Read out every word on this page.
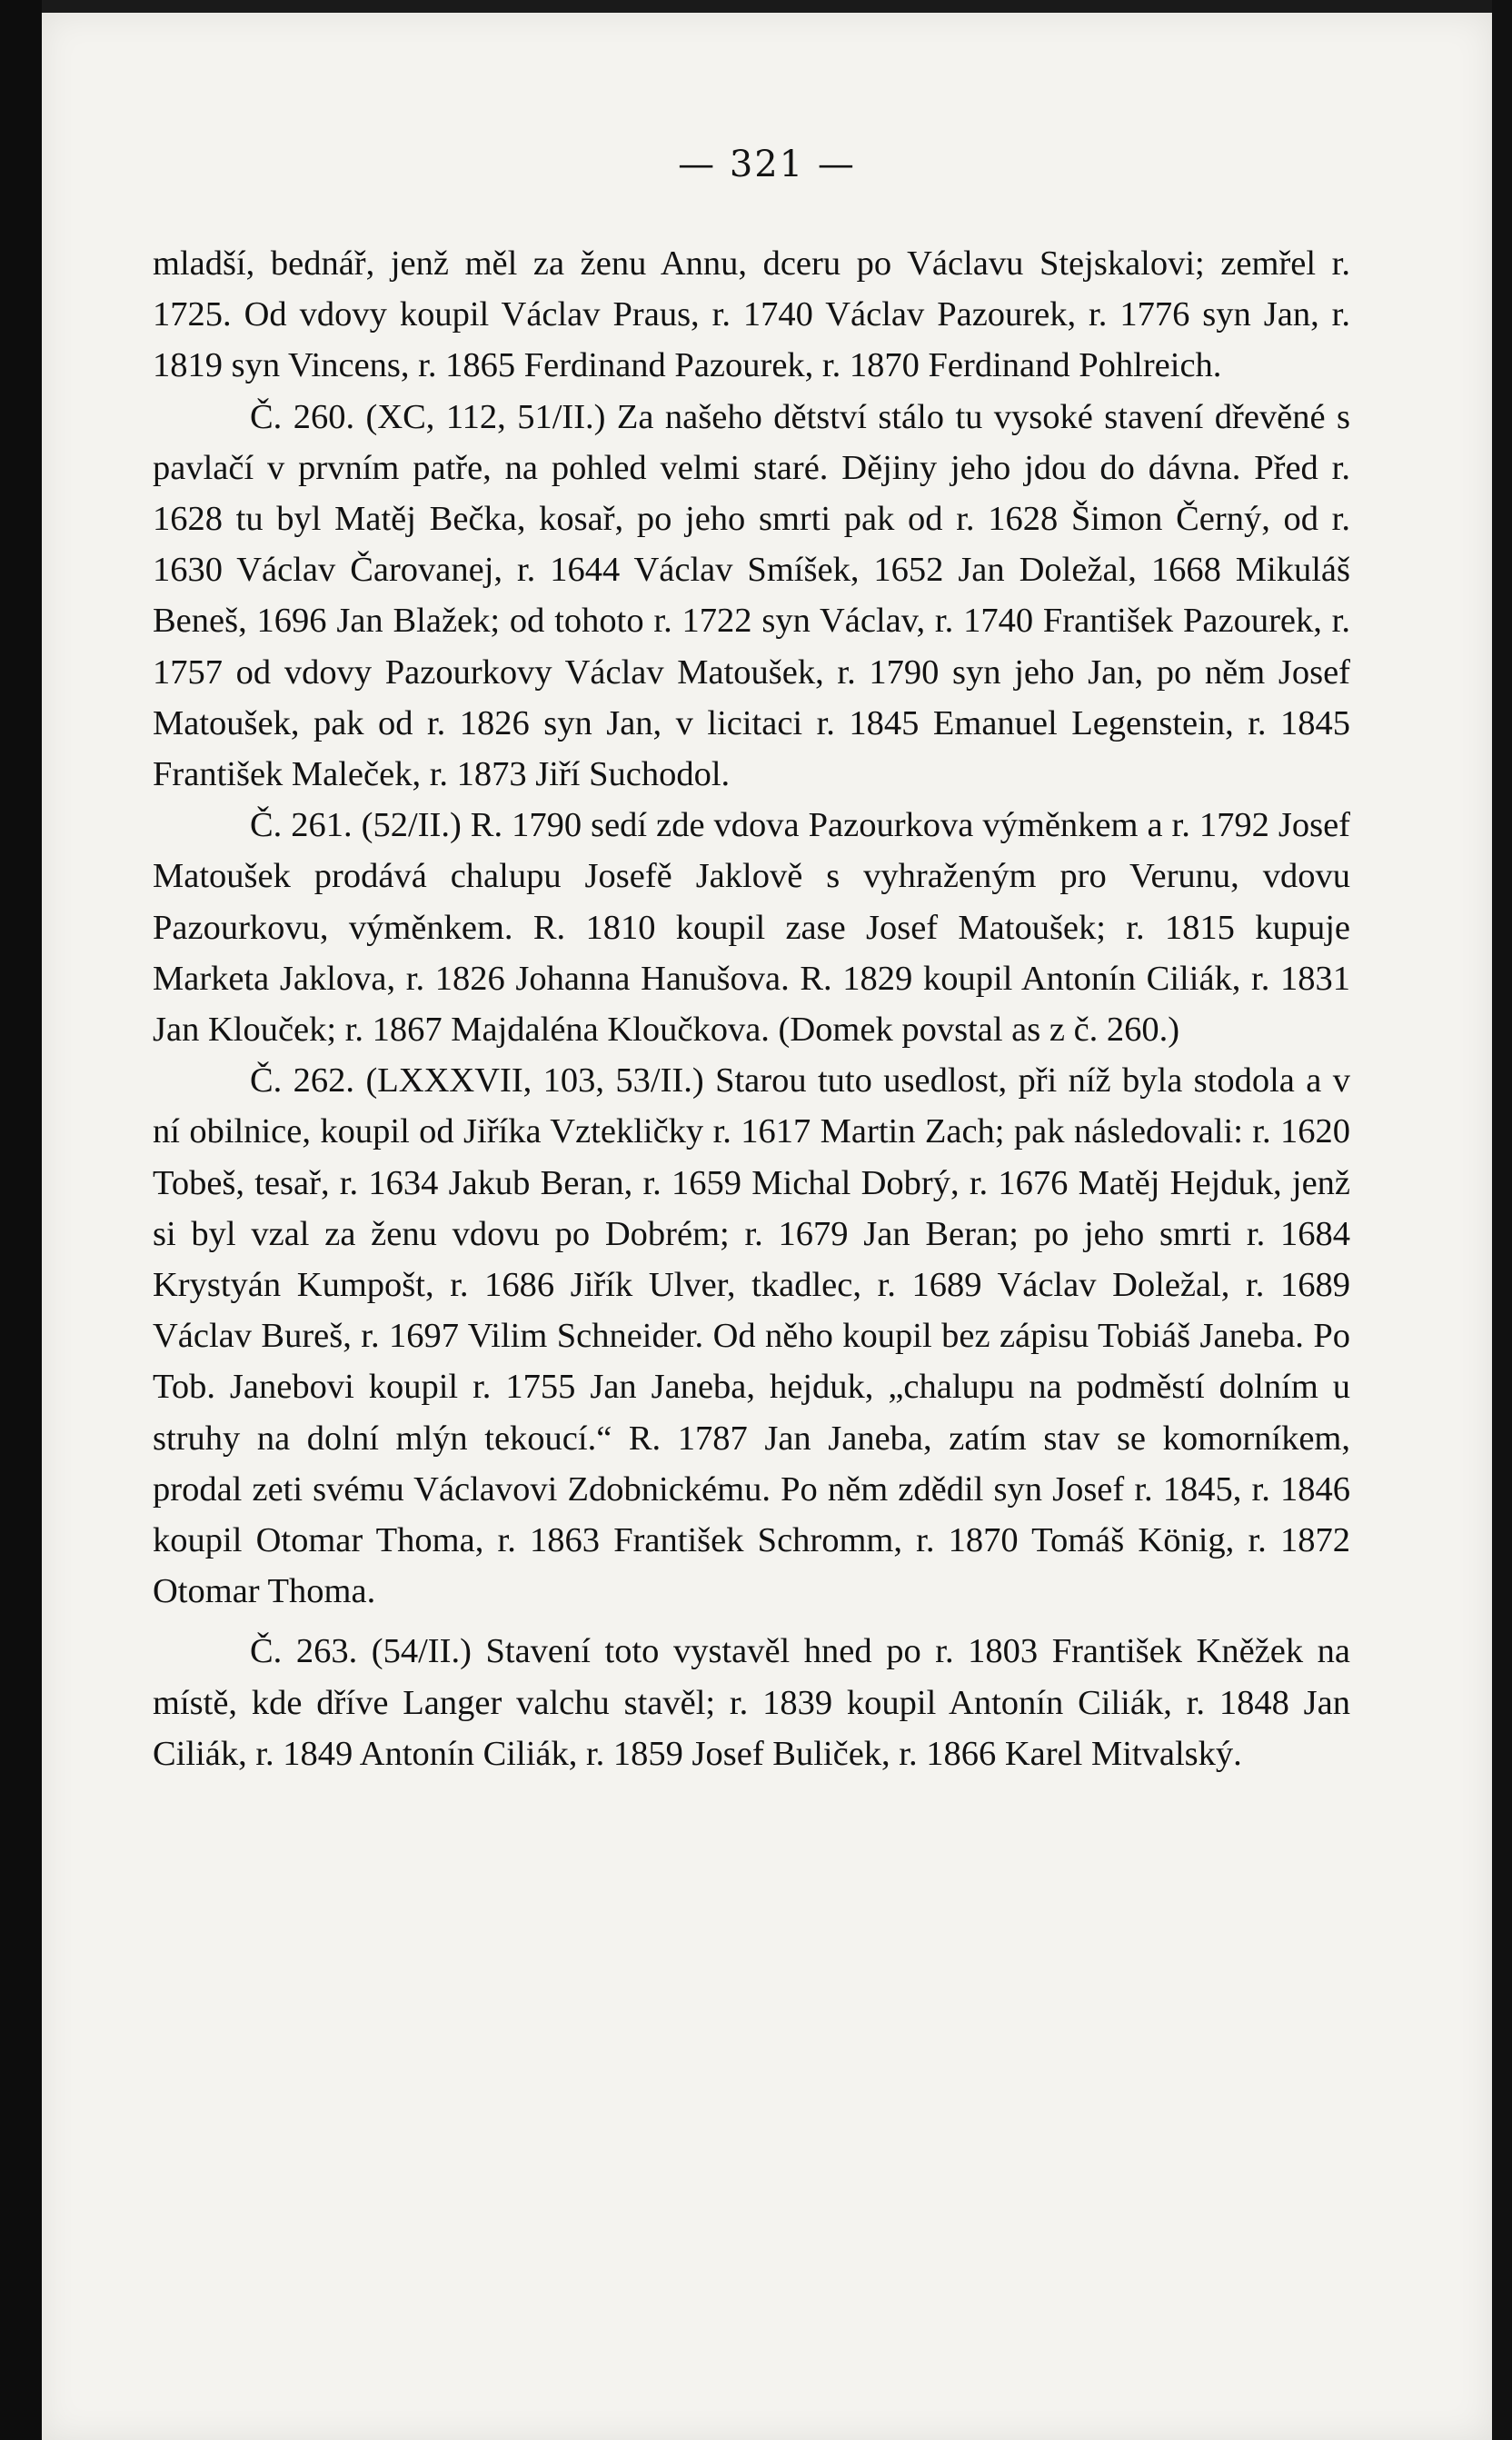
— 321 —

mladší, bednář, jenž měl za ženu Annu, dceru po Václavu Stejskalovi; zemřel r. 1725. Od vdovy koupil Václav Praus, r. 1740 Václav Pazourek, r. 1776 syn Jan, r. 1819 syn Vincens, r. 1865 Ferdinand Pazourek, r. 1870 Ferdinand Pohlreich.

Č. 260. (XC, 112, 51/II.) Za našeho dětství stálo tu vysoké stavení dřevěné s pavlačí v prvním patře, na pohled velmi staré. Dějiny jeho jdou do dávna. Před r. 1628 tu byl Matěj Bečka, kosař, po jeho smrti pak od r. 1628 Šimon Černý, od r. 1630 Václav Čarovanej, r. 1644 Václav Smíšek, 1652 Jan Doležal, 1668 Mikuláš Beneš, 1696 Jan Blažek; od tohoto r. 1722 syn Václav, r. 1740 František Pazourek, r. 1757 od vdovy Pazourkovy Václav Matoušek, r. 1790 syn jeho Jan, po něm Josef Matoušek, pak od r. 1826 syn Jan, v licitaci r. 1845 Emanuel Legenstein, r. 1845 František Maleček, r. 1873 Jiří Suchodol.

Č. 261. (52/II.) R. 1790 sedí zde vdova Pazourkova výměnkem a r. 1792 Josef Matoušek prodává chalupu Josefě Jaklově s vyhraženým pro Verunu, vdovu Pazourkovu, výměnkem. R. 1810 koupil zase Josef Matoušek; r. 1815 kupuje Marketa Jaklova, r. 1826 Johanna Hanušova. R. 1829 koupil Antonín Ciliák, r. 1831 Jan Klouček; r. 1867 Majdaléna Kloučkova. (Domek povstal as z č. 260.)

Č. 262. (LXXXVII, 103, 53/II.) Starou tuto usedlost, při níž byla stodola a v ní obilnice, koupil od Jiříka Vztekličky r. 1617 Martin Zach; pak následovali: r. 1620 Tobeš, tesař, r. 1634 Jakub Beran, r. 1659 Michal Dobrý, r. 1676 Matěj Hejduk, jenž si byl vzal za ženu vdovu po Dobrém; r. 1679 Jan Beran; po jeho smrti r. 1684 Krystyán Kumpošt, r. 1686 Jiřík Ulver, tkadlec, r. 1689 Václav Doležal, r. 1689 Václav Bureš, r. 1697 Vilim Schneider. Od něho koupil bez zápisu Tobiáš Janeba. Po Tob. Janebovi koupil r. 1755 Jan Janeba, hejduk, „chalupu na podměstí dolním u struhy na dolní mlýn tekoucí.“ R. 1787 Jan Janeba, zatím stav se komorníkem, prodal zeti svému Václavovi Zdobnickému. Po něm zdědil syn Josef r. 1845, r. 1846 koupil Otomar Thoma, r. 1863 František Schromm, r. 1870 Tomáš König, r. 1872 Otomar Thoma.

Č. 263. (54/II.) Stavení toto vystavěl hned po r. 1803 František Kněžek na místě, kde dříve Langer valchu stavěl; r. 1839 koupil Antonín Ciliák, r. 1848 Jan Ciliák, r. 1849 Antonín Ciliák, r. 1859 Josef Buliček, r. 1866 Karel Mitvalský.
